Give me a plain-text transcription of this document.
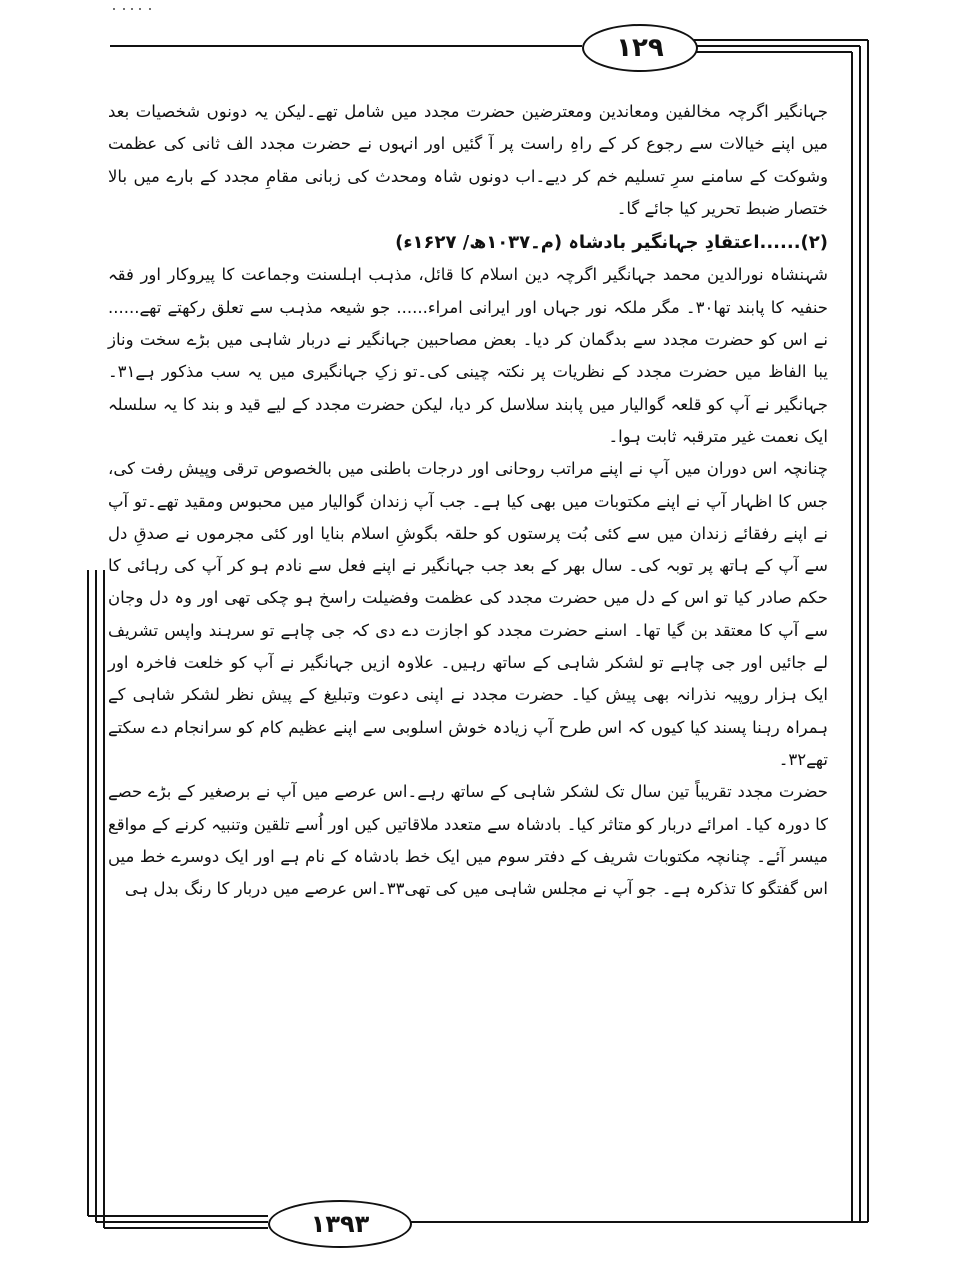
۱۲۹

جہانگیر اگرچہ مخالفین ومعاندین ومعترضین حضرت مجدد میں شامل تھے۔لیکن یہ دونوں شخصیات بعد میں اپنے خیالات سے رجوع کر کے راہِ راست پر آ گئیں اور انہوں نے حضرت مجدد الف ثانی کی عظمت وشوکت کے سامنے سرِ تسلیم خم کر دیے۔اب دونوں شاہ ومحدث کی زبانی مقامِ مجدد کے بارے میں بالا ختصار ضبط تحریر کیا جائے گا۔

(۲)......اعتقادِ جہانگیر بادشاہ (م۔۱۰۳۷ھ/ ۱۶۲۷ء)

شہنشاہ نورالدین محمد جہانگیر اگرچہ دین اسلام کا قائل، مذہب اہلسنت وجماعت کا پیروکار اور فقہ حنفیہ کا پابند تھا۳۰۔ مگر ملکہ نور جہاں اور ایرانی امراء...... جو شیعہ مذہب سے تعلق رکھتے تھے...... نے اس کو حضرت مجدد سے بدگمان کر دیا۔ بعض مصاحبین جہانگیر نے دربار شاہی میں بڑے سخت وناز یبا الفاظ میں حضرت مجدد کے نظریات پر نکتہ چینی کی۔تو زکِ جہانگیری میں یہ سب مذکور ہے۳۱۔ جہانگیر نے آپ کو قلعہ گوالیار میں پابند سلاسل کر دیا، لیکن حضرت مجدد کے لیے قید و بند کا یہ سلسلہ ایک نعمت غیر مترقبہ ثابت ہوا۔

چنانچہ اس دوران میں آپ نے اپنے مراتب روحانی اور درجات باطنی میں بالخصوص ترقی وپیش رفت کی، جس کا اظہار آپ نے اپنے مکتوبات میں بھی کیا ہے۔ جب آپ زندان گوالیار میں محبوس ومقید تھے۔تو آپ نے اپنے رفقائے زندان میں سے کئی بُت پرستوں کو حلقہ بگوشِ اسلام بنایا اور کئی مجرموں نے صدقِ دل سے آپ کے ہاتھ پر توبہ کی۔ سال بھر کے بعد جب جہانگیر نے اپنے فعل سے نادم ہو کر آپ کی رہائی کا حکم صادر کیا تو اس کے دل میں حضرت مجدد کی عظمت وفضیلت راسخ ہو چکی تھی اور وہ دل وجان سے آپ کا معتقد بن گیا تھا۔ اسنے حضرت مجدد کو اجازت دے دی کہ جی چاہے تو سرہند واپس تشریف لے جائیں اور جی چاہے تو لشکر شاہی کے ساتھ رہیں۔ علاوہ ازیں جہانگیر نے آپ کو خلعت فاخرہ اور ایک ہزار روپیہ نذرانہ بھی پیش کیا۔ حضرت مجدد نے اپنی دعوت وتبلیغ کے پیش نظر لشکر شاہی کے ہمراہ رہنا پسند کیا کیوں کہ اس طرح آپ زیادہ خوش اسلوبی سے اپنے عظیم کام کو سرانجام دے سکتے تھے۳۲۔

حضرت مجدد تقریباً تین سال تک لشکر شاہی کے ساتھ رہے۔اس عرصے میں آپ نے برصغیر کے بڑے حصے کا دورہ کیا۔ امرائے دربار کو متاثر کیا۔ بادشاہ سے متعدد ملاقاتیں کیں اور اُسے تلقین وتنبیہ کرنے کے مواقع میسر آئے۔ چنانچہ مکتوبات شریف کے دفتر سوم میں ایک خط بادشاہ کے نام ہے اور ایک دوسرے خط میں اس گفتگو کا تذکرہ ہے۔ جو آپ نے مجلس شاہی میں کی تھی۳۳۔اس عرصے میں دربار کا رنگ بدل ہی

۱۳۹۳
